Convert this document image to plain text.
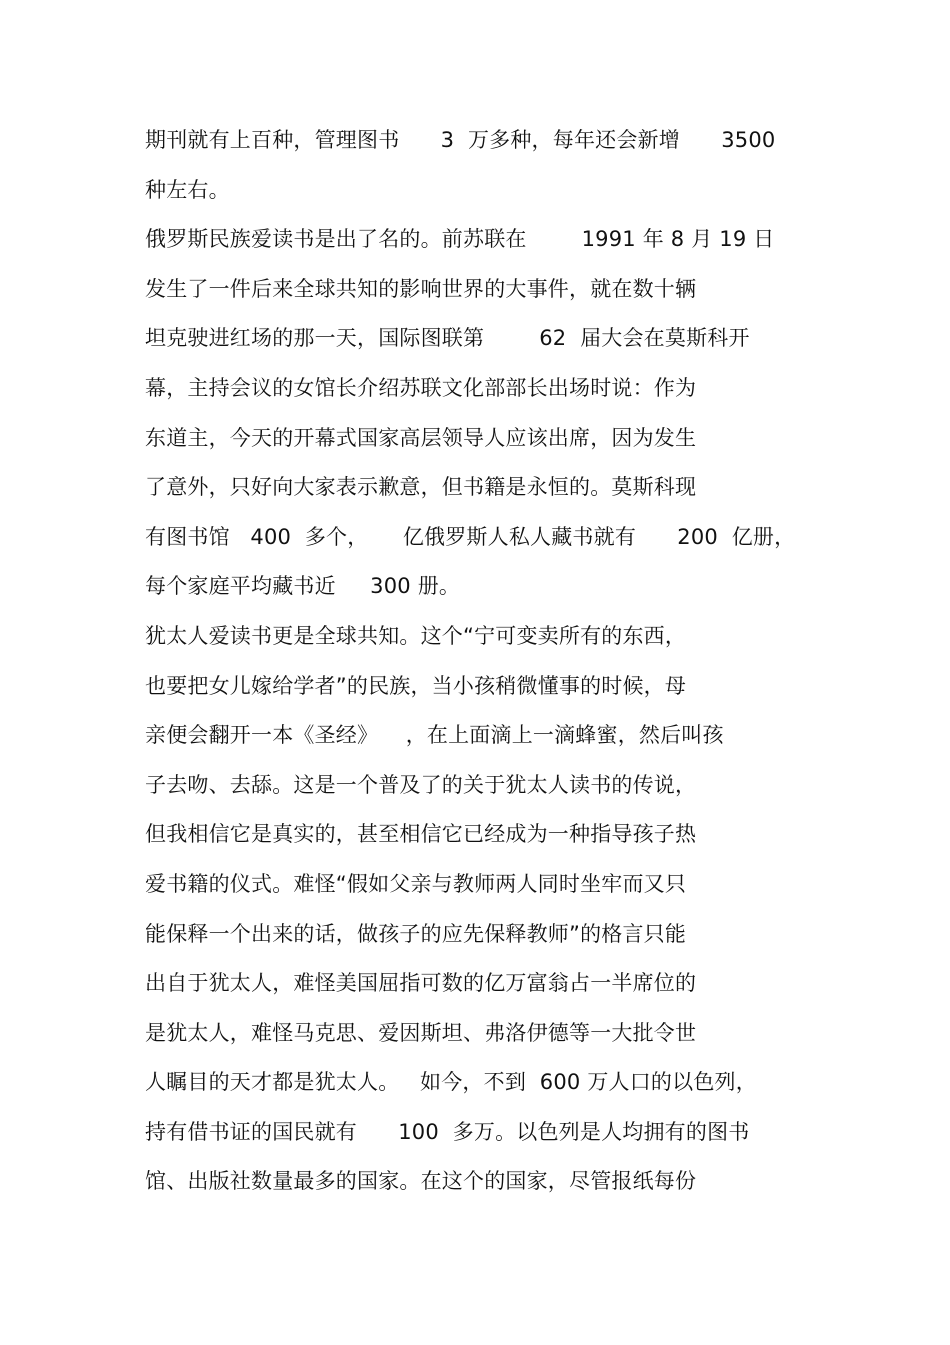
期刊就有上百种，管理图书      3  万多种，每年还会新增      3500
种左右。
俄罗斯民族爱读书是出了名的。前苏联在        1991 年 8 月 19 日
发生了一件后来全球共知的影响世界的大事件，就在数十辆
坦克驶进红场的那一天，国际图联第        62  届大会在莫斯科开
幕，主持会议的女馆长介绍苏联文化部部长出场时说：作为
东道主，今天的开幕式国家高层领导人应该出席，因为发生
了意外，只好向大家表示歉意，但书籍是永恒的。莫斯科现
有图书馆   400  多个，     亿俄罗斯人私人藏书就有      200  亿册，
每个家庭平均藏书近     300 册。
犹太人爱读书更是全球共知。这个“宁可变卖所有的东西，
也要把女儿嫁给学者”的民族，当小孩稍微懂事的时候，母
亲便会翻开一本《圣经》    ，在上面滴上一滴蜂蜜，然后叫孩
子去吻、去舔。这是一个普及了的关于犹太人读书的传说，
但我相信它是真实的，甚至相信它已经成为一种指导孩子热
爱书籍的仪式。难怪“假如父亲与教师两人同时坐牢而又只
能保释一个出来的话，做孩子的应先保释教师”的格言只能
出自于犹太人，难怪美国屈指可数的亿万富翁占一半席位的
是犹太人，难怪马克思、爱因斯坦、弗洛伊德等一大批令世
人瞩目的天才都是犹太人。   如今，不到  600 万人口的以色列，
持有借书证的国民就有      100  多万。以色列是人均拥有的图书
馆、出版社数量最多的国家。在这个的国家，尽管报纸每份
